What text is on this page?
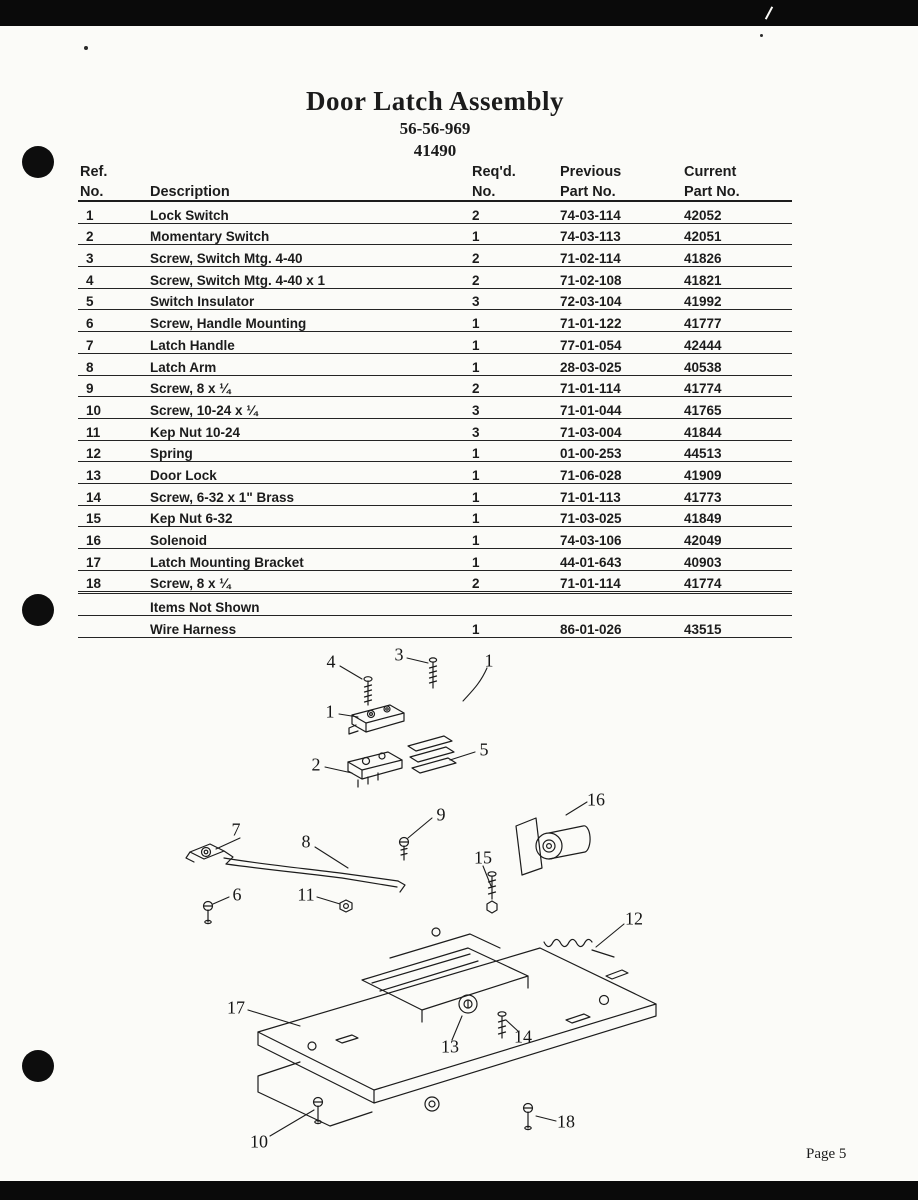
Door Latch Assembly
56-56-969
41490
Ref.		Req'd.	Previous	Current
No.	Description	No.	Part No.	Part No.
1	Lock Switch	2	74-03-114	42052
2	Momentary Switch	1	74-03-113	42051
3	Screw, Switch Mtg. 4-40	2	71-02-114	41826
4	Screw, Switch Mtg. 4-40 x 1	2	71-02-108	41821
5	Switch Insulator	3	72-03-104	41992
6	Screw, Handle Mounting	1	71-01-122	41777
7	Latch Handle	1	77-01-054	42444
8	Latch Arm	1	28-03-025	40538
9	Screw, 8 x ¼	2	71-01-114	41774
10	Screw, 10-24 x ¼	3	71-01-044	41765
11	Kep Nut 10-24	3	71-03-004	41844
12	Spring	1	01-00-253	44513
13	Door Lock	1	71-06-028	41909
14	Screw, 6-32 x 1" Brass	1	71-01-113	41773
15	Kep Nut 6-32	1	71-03-025	41849
16	Solenoid	1	74-03-106	42049
17	Latch Mounting Bracket	1	44-01-643	40903
18	Screw, 8 x ¼	2	71-01-114	41774
	Items Not Shown			
	Wire Harness	1	86-01-026	43515
4	3	1
1
2
5
9
16
7
8
15
6	11
12
17
13	14
10
18
Page 5
